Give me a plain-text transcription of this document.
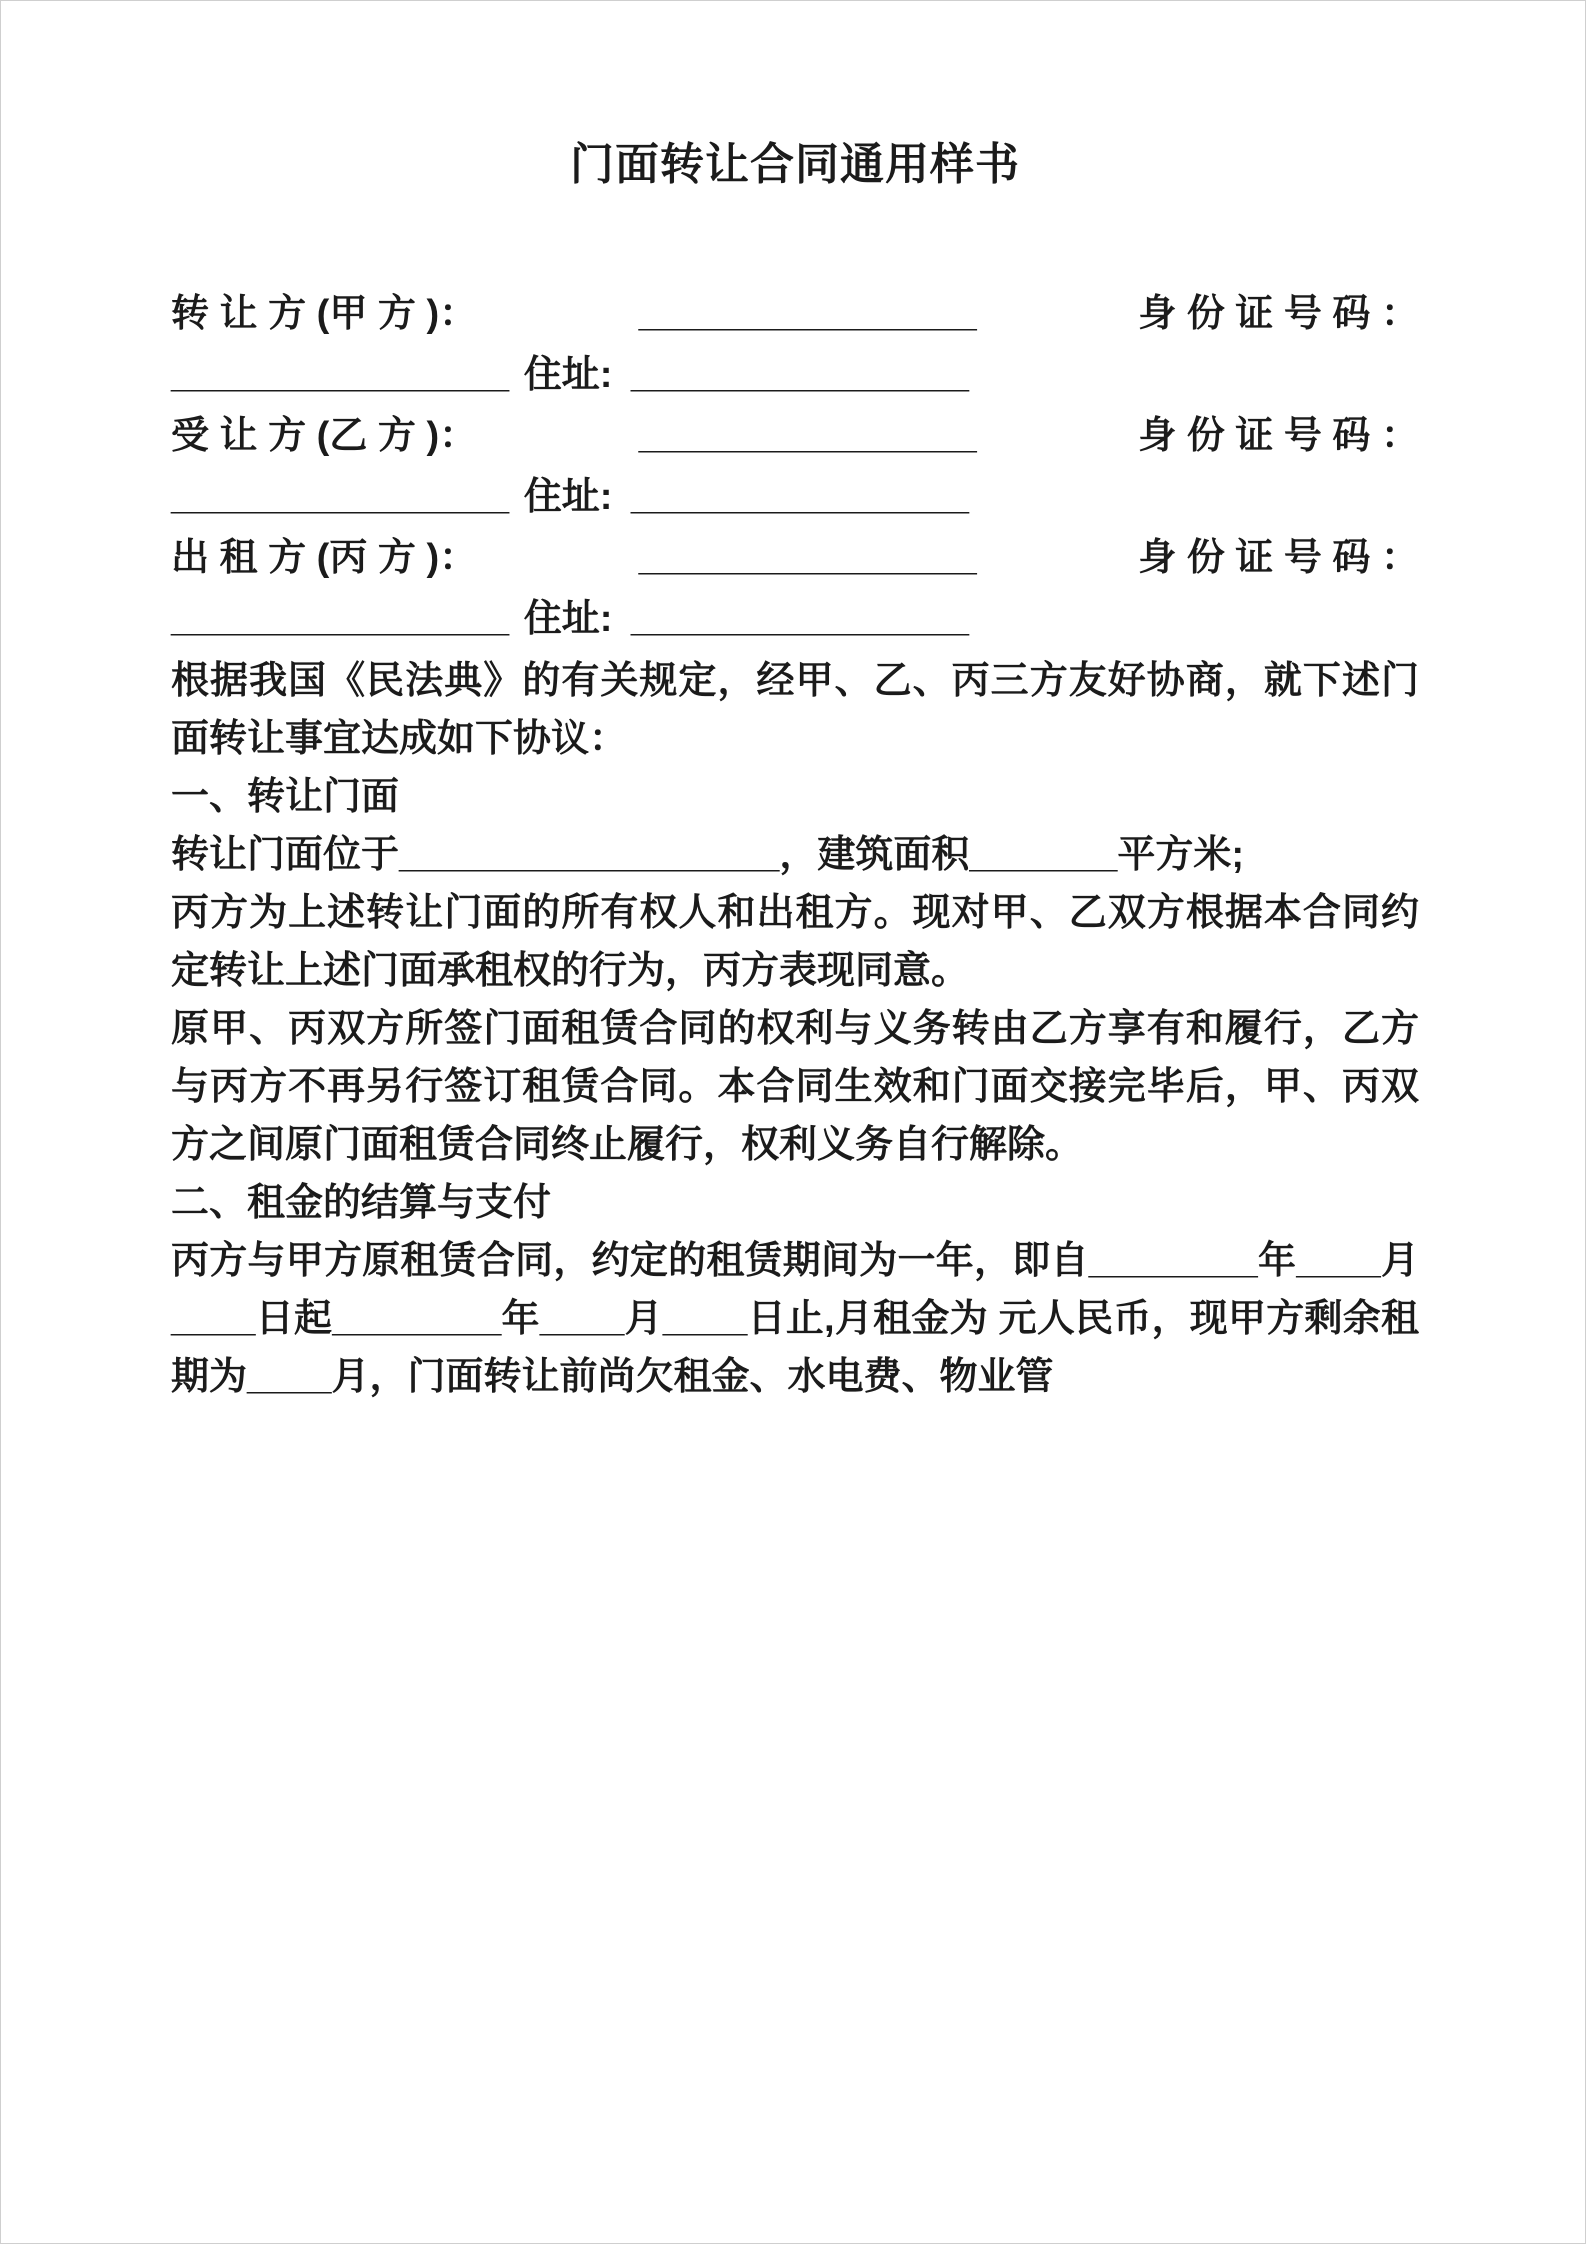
门面转让合同通用样书
转 让 方 (甲 方 )：	________________	身 份 证 号 码 ：
________________ 住址: ________________
受 让 方 (乙 方 )：	________________	身 份 证 号 码 ：
________________ 住址: ________________
出 租 方 (丙 方 )：	________________	身 份 证 号 码 ：
________________ 住址: ________________

根据我国《民法典》的有关规定，经甲、乙、丙三方友好协商，就下述门面转让事宜达成如下协议：

一、转让门面

转让门面位于__________________，建筑面积_______平方米;

丙方为上述转让门面的所有权人和出租方。现对甲、乙双方根据本合同约定转让上述门面承租权的行为，丙方表现同意。

原甲、丙双方所签门面租赁合同的权利与义务转由乙方享有和履行，乙方与丙方不再另行签订租赁合同。本合同生效和门面交接完毕后，甲、丙双方之间原门面租赁合同终止履行，权利义务自行解除。

二、租金的结算与支付

丙方与甲方原租赁合同，约定的租赁期间为一年，即自________年____月____日起________年____月____日止,月租金为 元人民币，现甲方剩余租期为____月，门面转让前尚欠租金、水电费、物业管
